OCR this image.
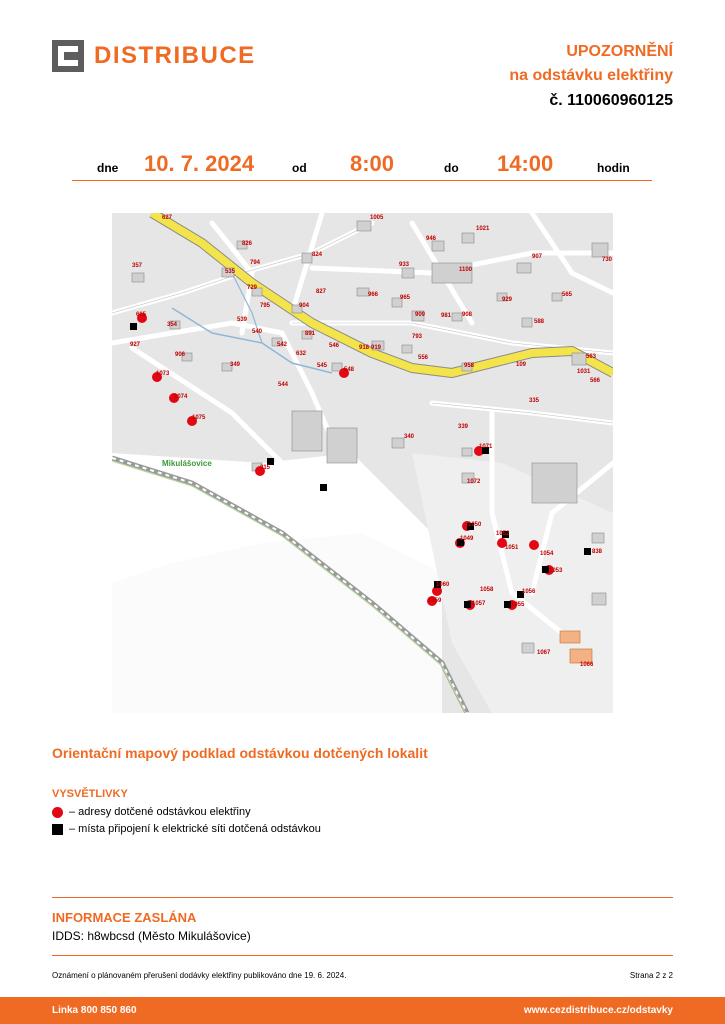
DISTRIBUCE	UPOZORNĚNÍ
na odstávku elektřiny
č. 110060960125
dne 10. 7. 2024	od 8:00	do 14:00	hodin
Mikulášovice
627	1005
946
1021
826
357	794
535
824
933
907	730
1100
729
827	966	965	929
565
795	904
605
354
539
909	981 908
588
540	891	793
927	542	546	918 919
906	632
556	563
349	545
548
958	109
1031
566
1073
544
1074
335
1075
339
340
1071
215
1072
1050
1052
1049
1051
1054	838
1053
1060
1058	1056
1059	1057	1055
1067
1066
Orientační mapový podklad odstávkou dotčených lokalit
VYSVĚTLIVKY
– adresy dotčené odstávkou elektřiny
– místa připojení k elektrické síti dotčená odstávkou
INFORMACE ZASLÁNA
IDDS: h8wbcsd (Město Mikulášovice)
Oznámení o plánovaném přerušení dodávky elektřiny publikováno dne 19. 6. 2024.	Strana 2 z 2
Linka 800 850 860	www.cezdistribuce.cz/odstavky
